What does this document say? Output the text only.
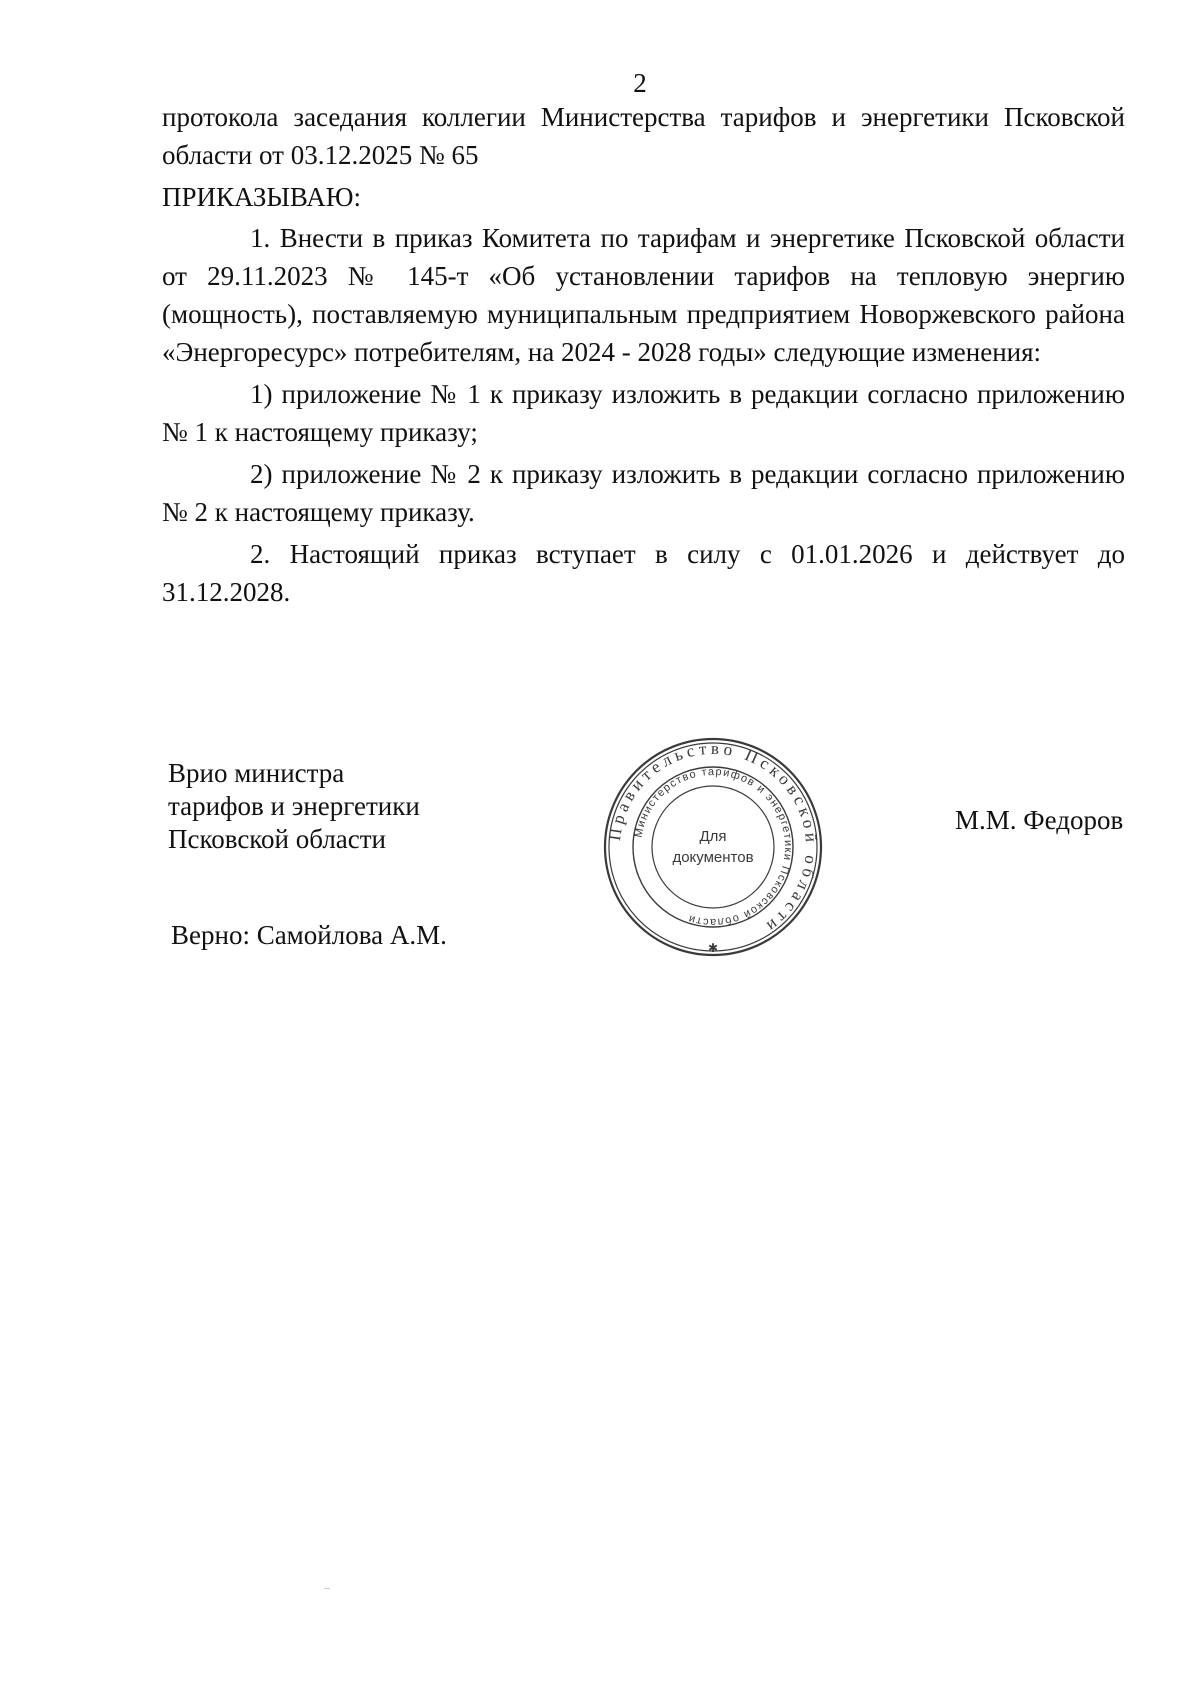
2

протокола заседания коллегии Министерства тарифов и энергетики Псковской

области от 03.12.2025 № 65

ПРИКАЗЫВАЮ:

1. Внести в приказ Комитета по тарифам и энергетике Псковской области от 29.11.2023 № 145-т «Об установлении тарифов на тепловую энергию (мощность), поставляемую муниципальным предприятием Новоржевского района «Энергоресурс» потребителям, на 2024 - 2028 годы» следующие изменения:

1) приложение № 1 к приказу изложить в редакции согласно приложению № 1 к настоящему приказу;

2) приложение № 2 к приказу изложить в редакции согласно приложению № 2 к настоящему приказу.

2. Настоящий приказ вступает в силу с 01.01.2026 и действует до 31.12.2028.

Врио министра
тарифов и энергетики
Псковской области	Правительство Псковской области
Министерство тарифов и энергетики Псковской области
Для
документов
✱
М.М. Федоров
Верно: Самойлова А.М.
